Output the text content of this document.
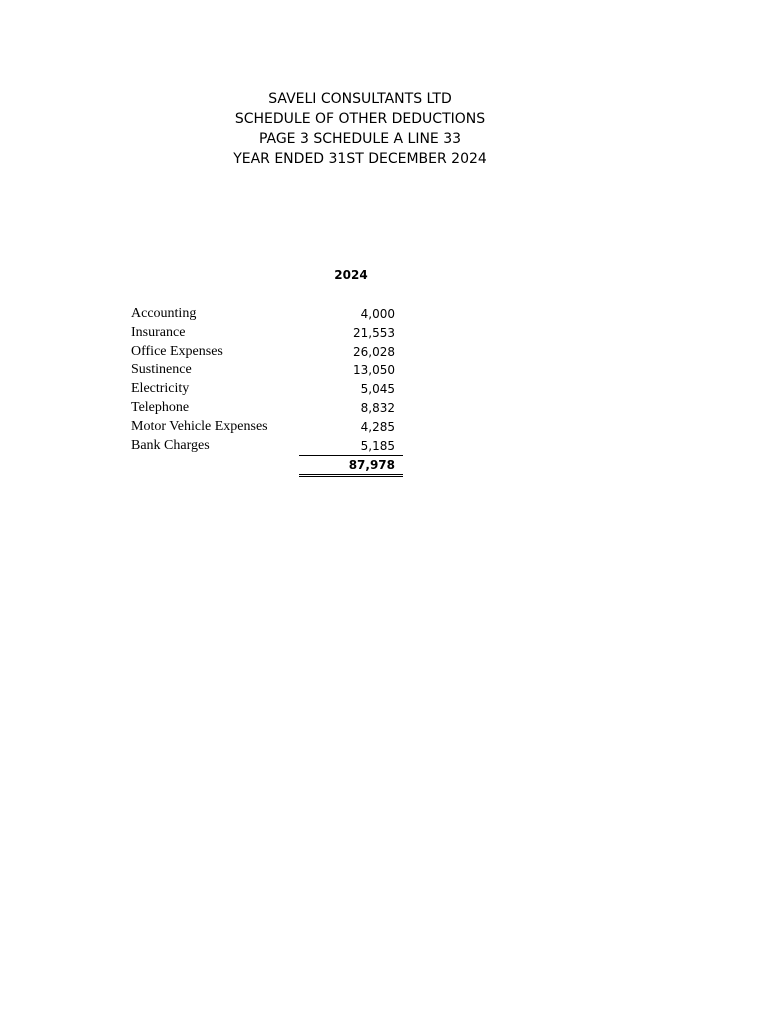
SAVELI CONSULTANTS LTD
SCHEDULE OF OTHER DEDUCTIONS
PAGE 3 SCHEDULE A LINE 33
YEAR ENDED 31ST DECEMBER 2024
2024
Accounting	4,000
Insurance	21,553
Office Expenses	26,028
Sustinence	13,050
Electricity	5,045
Telephone	8,832
Motor Vehicle Expenses	4,285
Bank Charges	5,185
87,978
